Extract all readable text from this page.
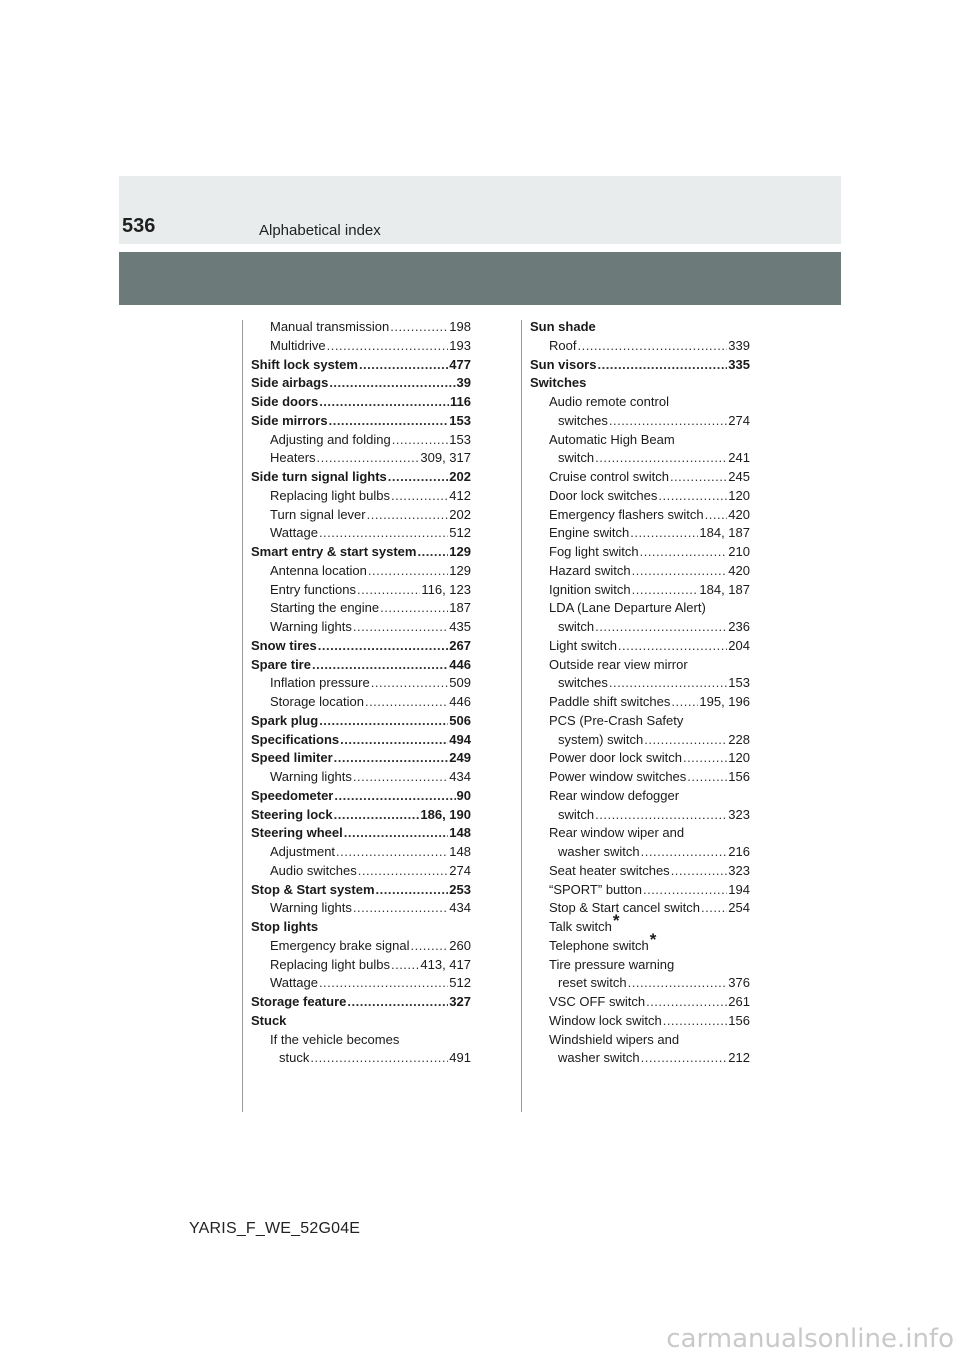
536	Alphabetical index
Manual transmission .....	198
Multidrive .....	193
Shift lock system .....	477
Side airbags .....	39
Side doors .....	116
Side mirrors .....	153
Adjusting and folding .....	153
Heaters .....	309, 317
Side turn signal lights .....	202
Replacing light bulbs .....	412
Turn signal lever .....	202
Wattage .....	512
Smart entry & start system .....	129
Antenna location .....	129
Entry functions .....	116, 123
Starting the engine .....	187
Warning lights .....	435
Snow tires .....	267
Spare tire .....	446
Inflation pressure .....	509
Storage location .....	446
Spark plug .....	506
Specifications .....	494
Speed limiter .....	249
Warning lights .....	434
Speedometer .....	90
Steering lock .....	186, 190
Steering wheel .....	148
Adjustment .....	148
Audio switches .....	274
Stop & Start system .....	253
Warning lights .....	434
Stop lights
Emergency brake signal .....	260
Replacing light bulbs ..... 413, 417
Wattage .....	512
Storage feature .....	327
Stuck
If the vehicle becomes
stuck .....	491
Sun shade
Roof .....	339
Sun visors .....	335
Switches
Audio remote control
switches .....	274
Automatic High Beam
switch .....	241
Cruise control switch .....	245
Door lock switches .....	120
Emergency flashers switch ..... 420
Engine switch .....	184, 187
Fog light switch .....	210
Hazard switch .....	420
Ignition switch .....	184, 187
LDA (Lane Departure Alert)
switch .....	236
Light switch .....	204
Outside rear view mirror
switches .....	153
Paddle shift switches ..... 195, 196
PCS (Pre-Crash Safety
system) switch .....	228
Power door lock switch .....	120
Power window switches .....	156
Rear window defogger
switch .....	323
Rear window wiper and
washer switch .....	216
Seat heater switches .....	323
“SPORT” button .....	194
Stop & Start cancel switch ..... 254
Talk switch *
Telephone switch *
Tire pressure warning
reset switch .....	376
VSC OFF switch .....	261
Window lock switch .....	156
Windshield wipers and
washer switch .....	212
YARIS_F_WE_52G04E
carmanualsonline.info
